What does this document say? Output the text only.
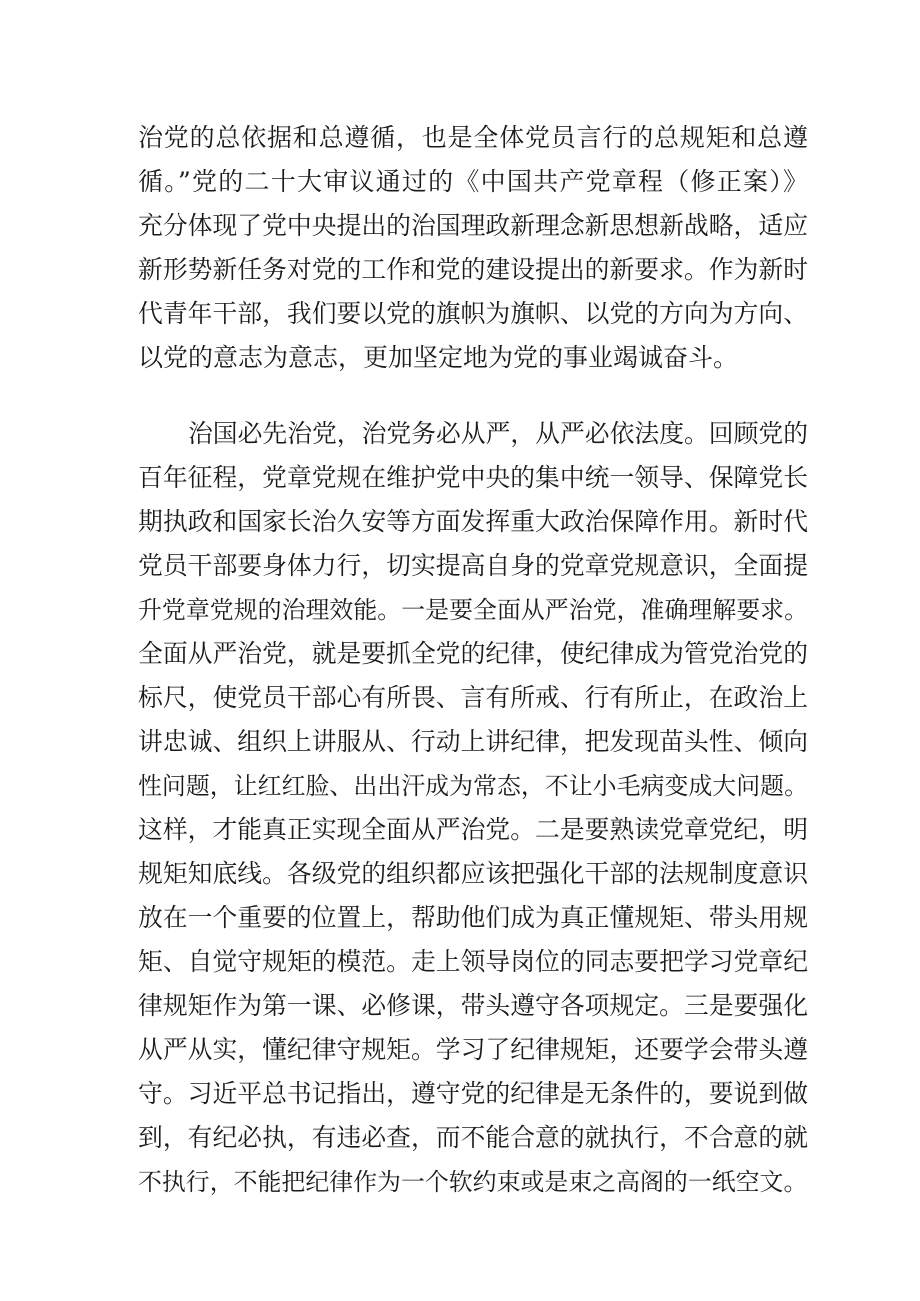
治党的总依据和总遵循，也是全体党员言行的总规矩和总遵
循。”党的二十大审议通过的《中国共产党章程（修正案）》
充分体现了党中央提出的治国理政新理念新思想新战略，适应
新形势新任务对党的工作和党的建设提出的新要求。作为新时
代青年干部，我们要以党的旗帜为旗帜、以党的方向为方向、
以党的意志为意志，更加坚定地为党的事业竭诚奋斗。
治国必先治党，治党务必从严，从严必依法度。回顾党的
百年征程，党章党规在维护党中央的集中统一领导、保障党长
期执政和国家长治久安等方面发挥重大政治保障作用。新时代
党员干部要身体力行，切实提高自身的党章党规意识，全面提
升党章党规的治理效能。一是要全面从严治党，准确理解要求。
全面从严治党，就是要抓全党的纪律，使纪律成为管党治党的
标尺，使党员干部心有所畏、言有所戒、行有所止，在政治上
讲忠诚、组织上讲服从、行动上讲纪律，把发现苗头性、倾向
性问题，让红红脸、出出汗成为常态，不让小毛病变成大问题。
这样，才能真正实现全面从严治党。二是要熟读党章党纪，明
规矩知底线。各级党的组织都应该把强化干部的法规制度意识
放在一个重要的位置上，帮助他们成为真正懂规矩、带头用规
矩、自觉守规矩的模范。走上领导岗位的同志要把学习党章纪
律规矩作为第一课、必修课，带头遵守各项规定。三是要强化
从严从实，懂纪律守规矩。学习了纪律规矩，还要学会带头遵
守。习近平总书记指出，遵守党的纪律是无条件的，要说到做
到，有纪必执，有违必查，而不能合意的就执行，不合意的就
不执行，不能把纪律作为一个软约束或是束之高阁的一纸空文。
